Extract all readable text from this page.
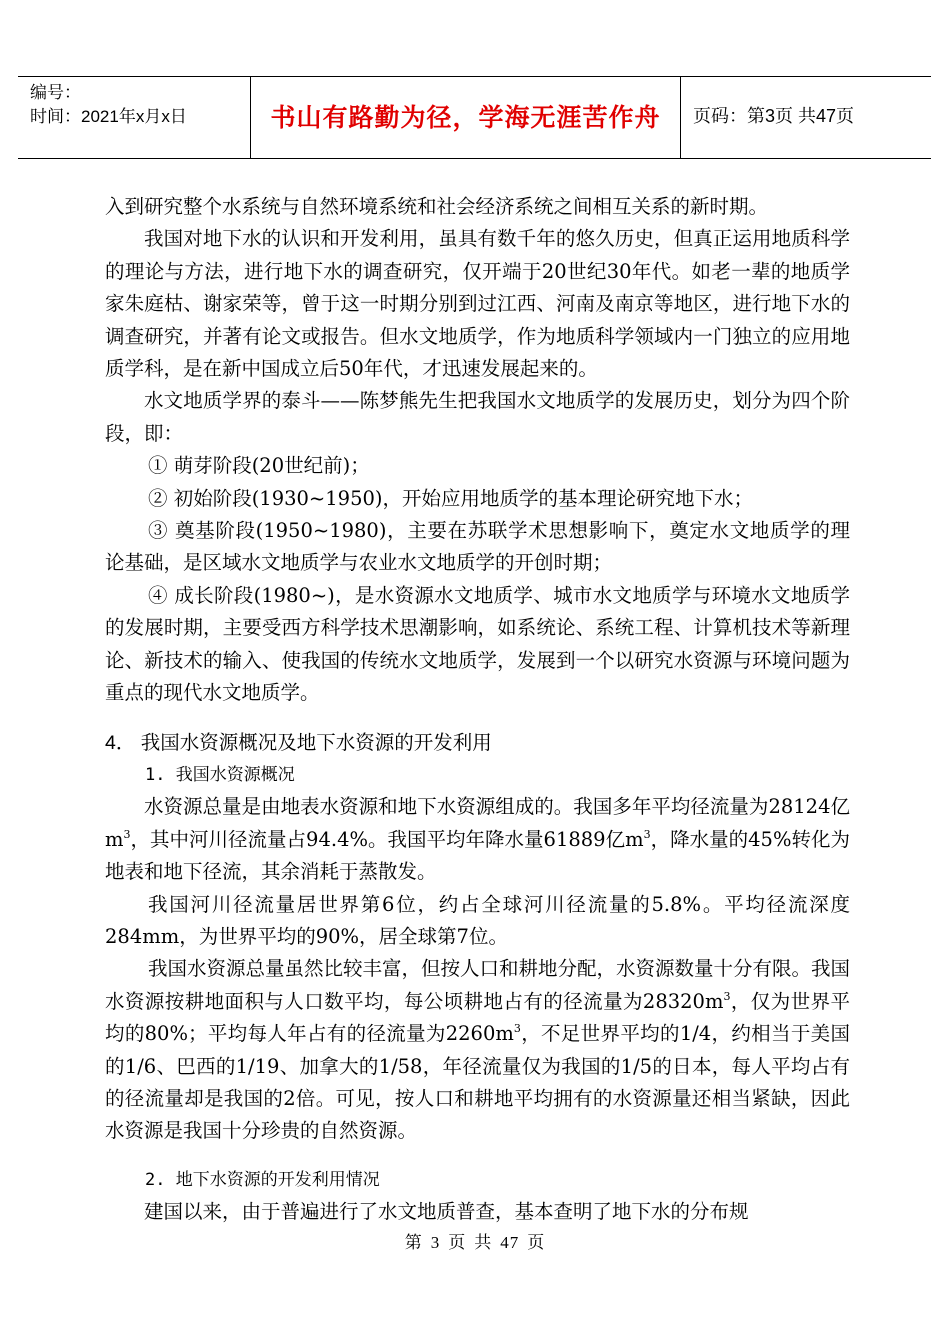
编号：
时间：2021年x月x日	书山有路勤为径，学海无涯苦作舟	页码：第3页 共47页

入到研究整个水系统与自然环境系统和社会经济系统之间相互关系的新时期。

我国对地下水的认识和开发利用，虽具有数千年的悠久历史，但真正运用地质科学的理论与方法，进行地下水的调查研究，仅开端于20世纪30年代。如老一辈的地质学家朱庭枯、谢家荣等，曾于这一时期分别到过江西、河南及南京等地区，进行地下水的调查研究，并著有论文或报告。但水文地质学，作为地质科学领域内一门独立的应用地质学科，是在新中国成立后50年代，才迅速发展起来的。

水文地质学界的泰斗——陈梦熊先生把我国水文地质学的发展历史，划分为四个阶段，即：

① 萌芽阶段(20世纪前)；

② 初始阶段(1930~1950)，开始应用地质学的基本理论研究地下水；

③ 奠基阶段(1950~1980)，主要在苏联学术思想影响下，奠定水文地质学的理论基础，是区域水文地质学与农业水文地质学的开创时期；

④ 成长阶段(1980~)，是水资源水文地质学、城市水文地质学与环境水文地质学的发展时期，主要受西方科学技术思潮影响，如系统论、系统工程、计算机技术等新理论、新技术的输入、使我国的传统水文地质学，发展到一个以研究水资源与环境问题为重点的现代水文地质学。

4． 我国水资源概况及地下水资源的开发利用

1. 我国水资源概况

水资源总量是由地表水资源和地下水资源组成的。我国多年平均径流量为28124亿$m^3$，其中河川径流量占94.4%。我国平均年降水量61889亿$m^3$，降水量的45%转化为地表和地下径流，其余消耗于蒸散发。

我国河川径流量居世界第6位，约占全球河川径流量的5.8%。平均径流深度284mm，为世界平均的90%，居全球第7位。

我国水资源总量虽然比较丰富，但按人口和耕地分配，水资源数量十分有限。我国水资源按耕地面积与人口数平均，每公顷耕地占有的径流量为$28320m^3$，仅为世界平均的80%；平均每人年占有的径流量为$2260m^3$，不足世界平均的1/4，约相当于美国的1/6、巴西的1/19、加拿大的1/58，年径流量仅为我国的1/5的日本，每人平均占有的径流量却是我国的2倍。可见，按人口和耕地平均拥有的水资源量还相当紧缺，因此水资源是我国十分珍贵的自然资源。

2. 地下水资源的开发利用情况

建国以来，由于普遍进行了水文地质普查，基本查明了地下水的分布规

第 3 页 共 47 页
